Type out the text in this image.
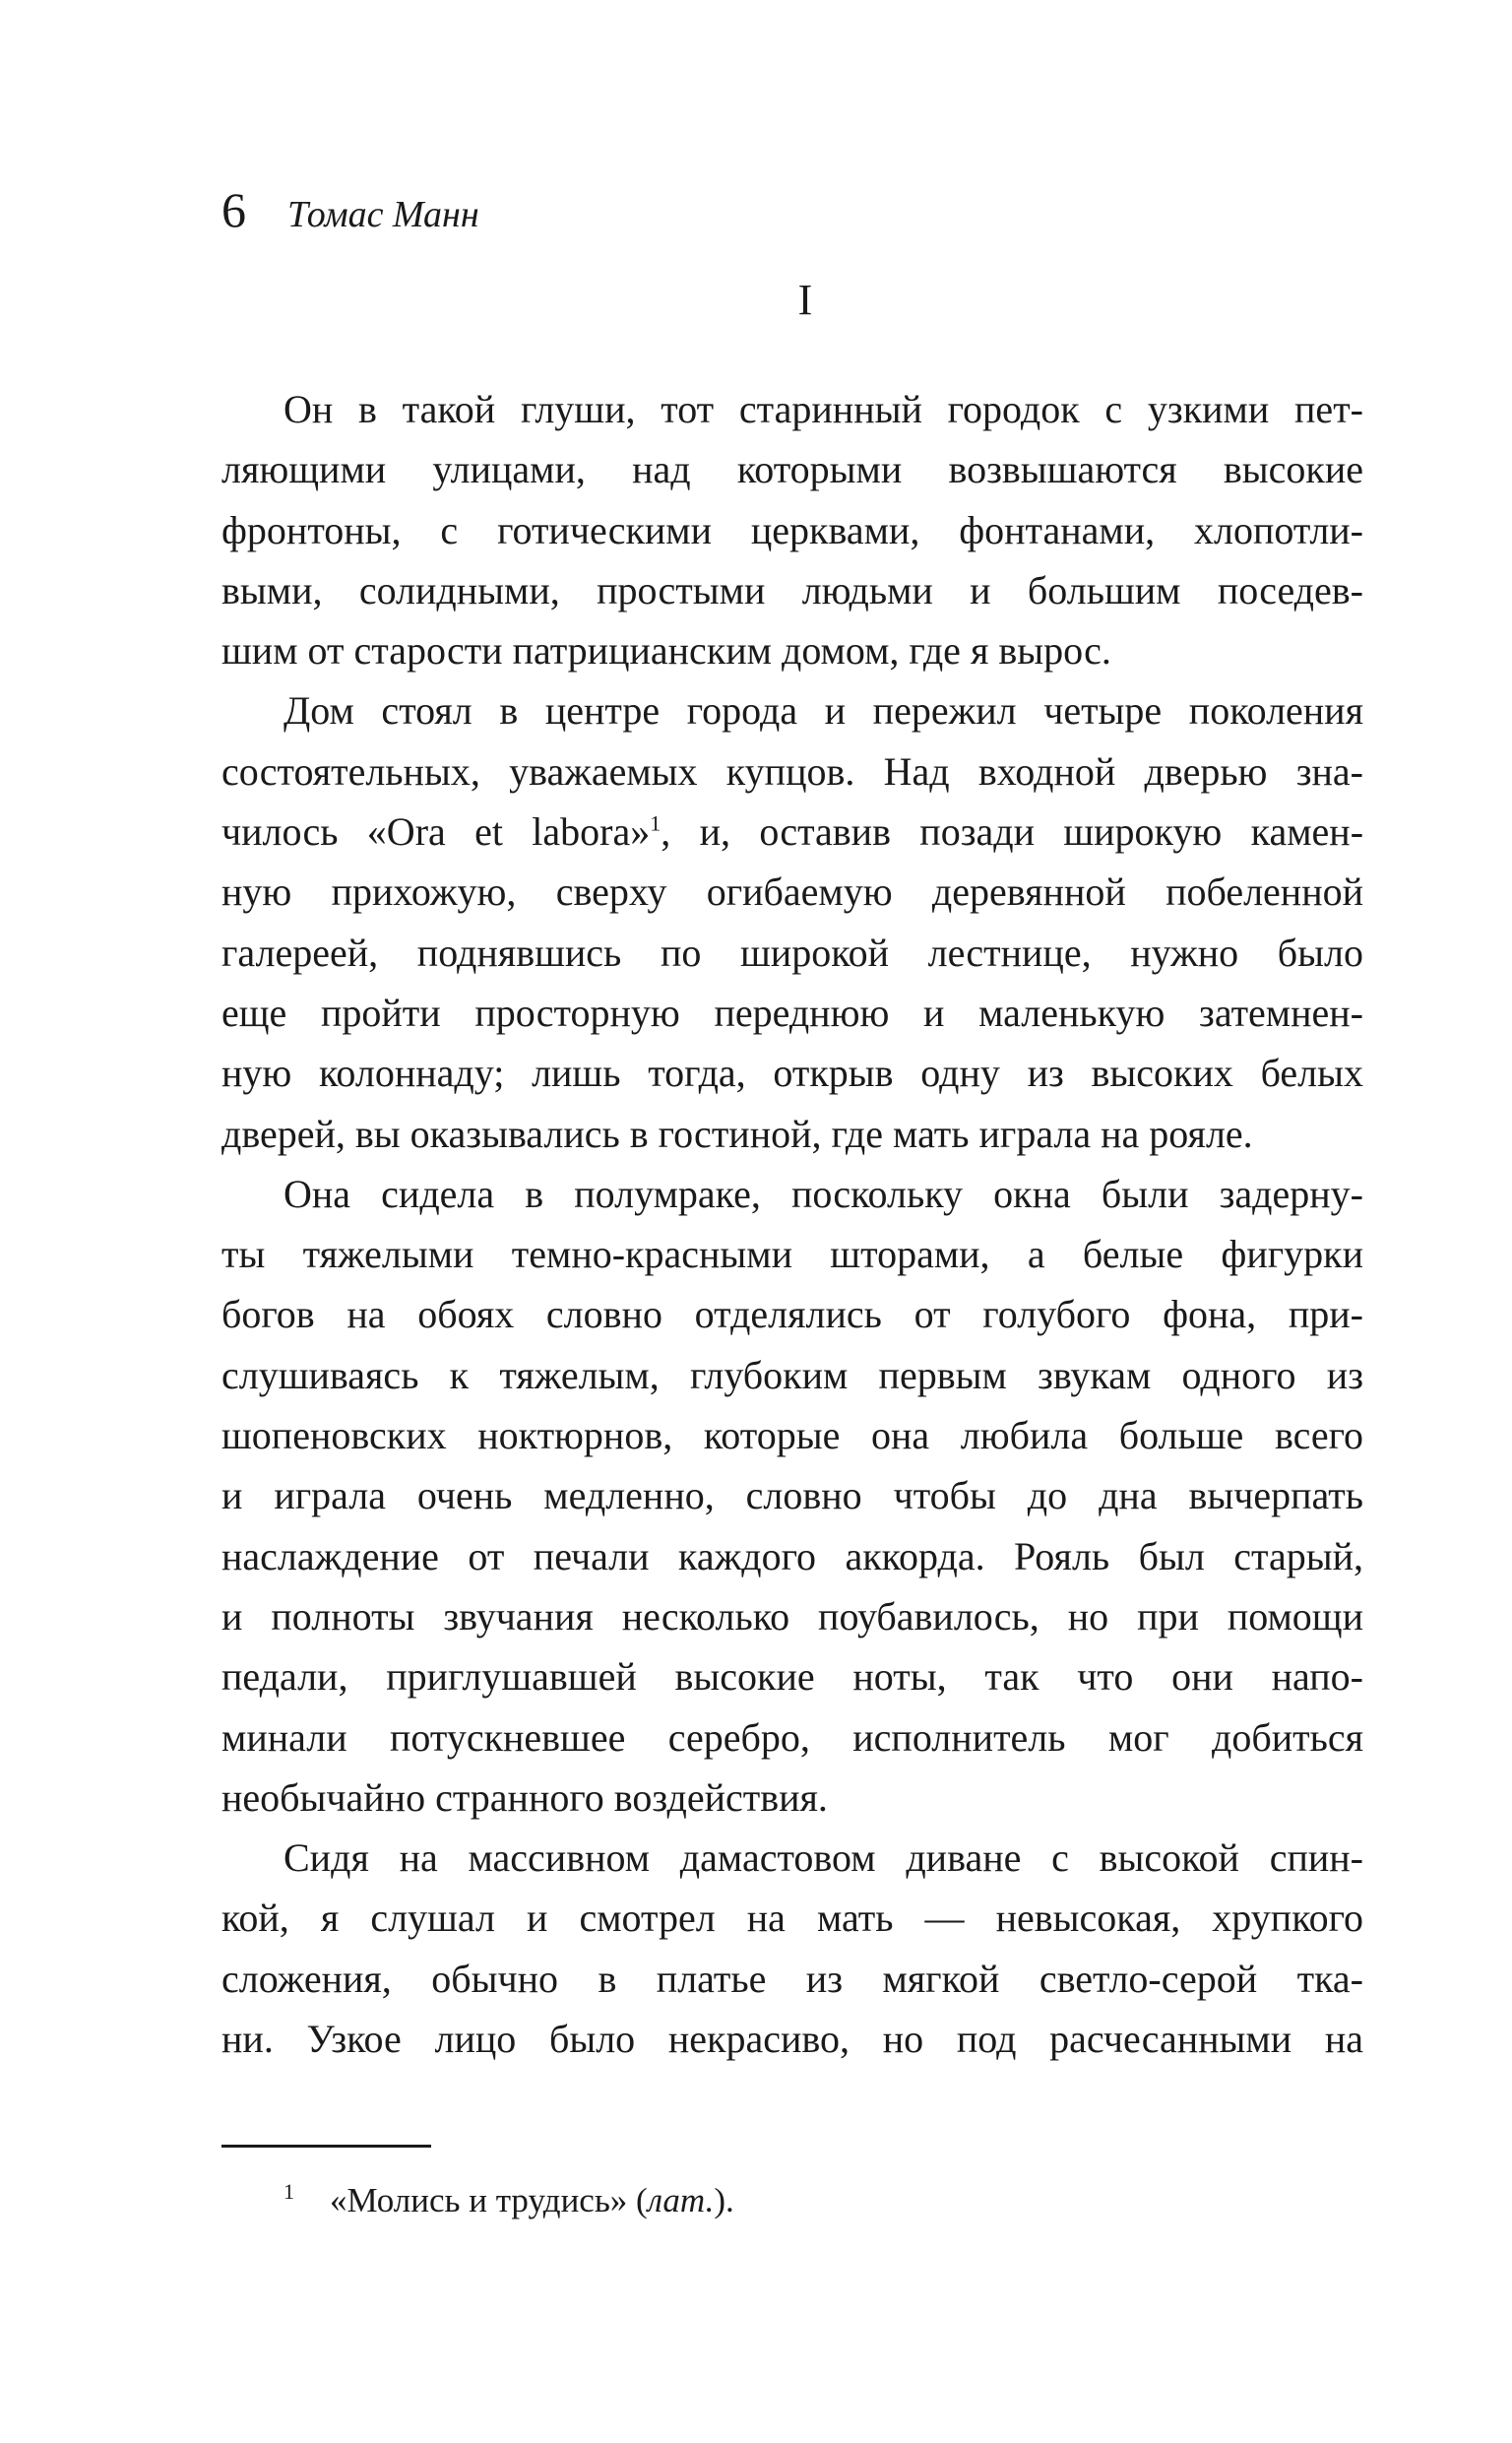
6 Томас Манн
I
Он в такой глуши, тот старинный городок с узкими пет-
ляющими улицами, над которыми возвышаются высокие
фронтоны, с готическими церквами, фонтанами, хлопотли-
выми, солидными, простыми людьми и большим поседев-
шим от старости патрицианским домом, где я вырос.
Дом стоял в центре города и пережил четыре поколения
состоятельных, уважаемых купцов. Над входной дверью зна-
чилось «Ora et labora»$^1$, и, оставив позади широкую камен-
ную прихожую, сверху огибаемую деревянной побеленной
галереей, поднявшись по широкой лестнице, нужно было
еще пройти просторную переднюю и маленькую затемнен-
ную колоннаду; лишь тогда, открыв одну из высоких белых
дверей, вы оказывались в гостиной, где мать играла на рояле.
Она сидела в полумраке, поскольку окна были задерну-
ты тяжелыми темно-красными шторами, а белые фигурки
богов на обоях словно отделялись от голубого фона, при-
слушиваясь к тяжелым, глубоким первым звукам одного из
шопеновских ноктюрнов, которые она любила больше всего
и играла очень медленно, словно чтобы до дна вычерпать
наслаждение от печали каждого аккорда. Рояль был старый,
и полноты звучания несколько поубавилось, но при помощи
педали, приглушавшей высокие ноты, так что они напо-
минали потускневшее серебро, исполнитель мог добиться
необычайно странного воздействия.
Сидя на массивном дамастовом диване с высокой спин-
кой, я слушал и смотрел на мать — невысокая, хрупкого
сложения, обычно в платье из мягкой светло-серой тка-
ни. Узкое лицо было некрасиво, но под расчесанными на
$^1$ «Молись и трудись» (лат.).
